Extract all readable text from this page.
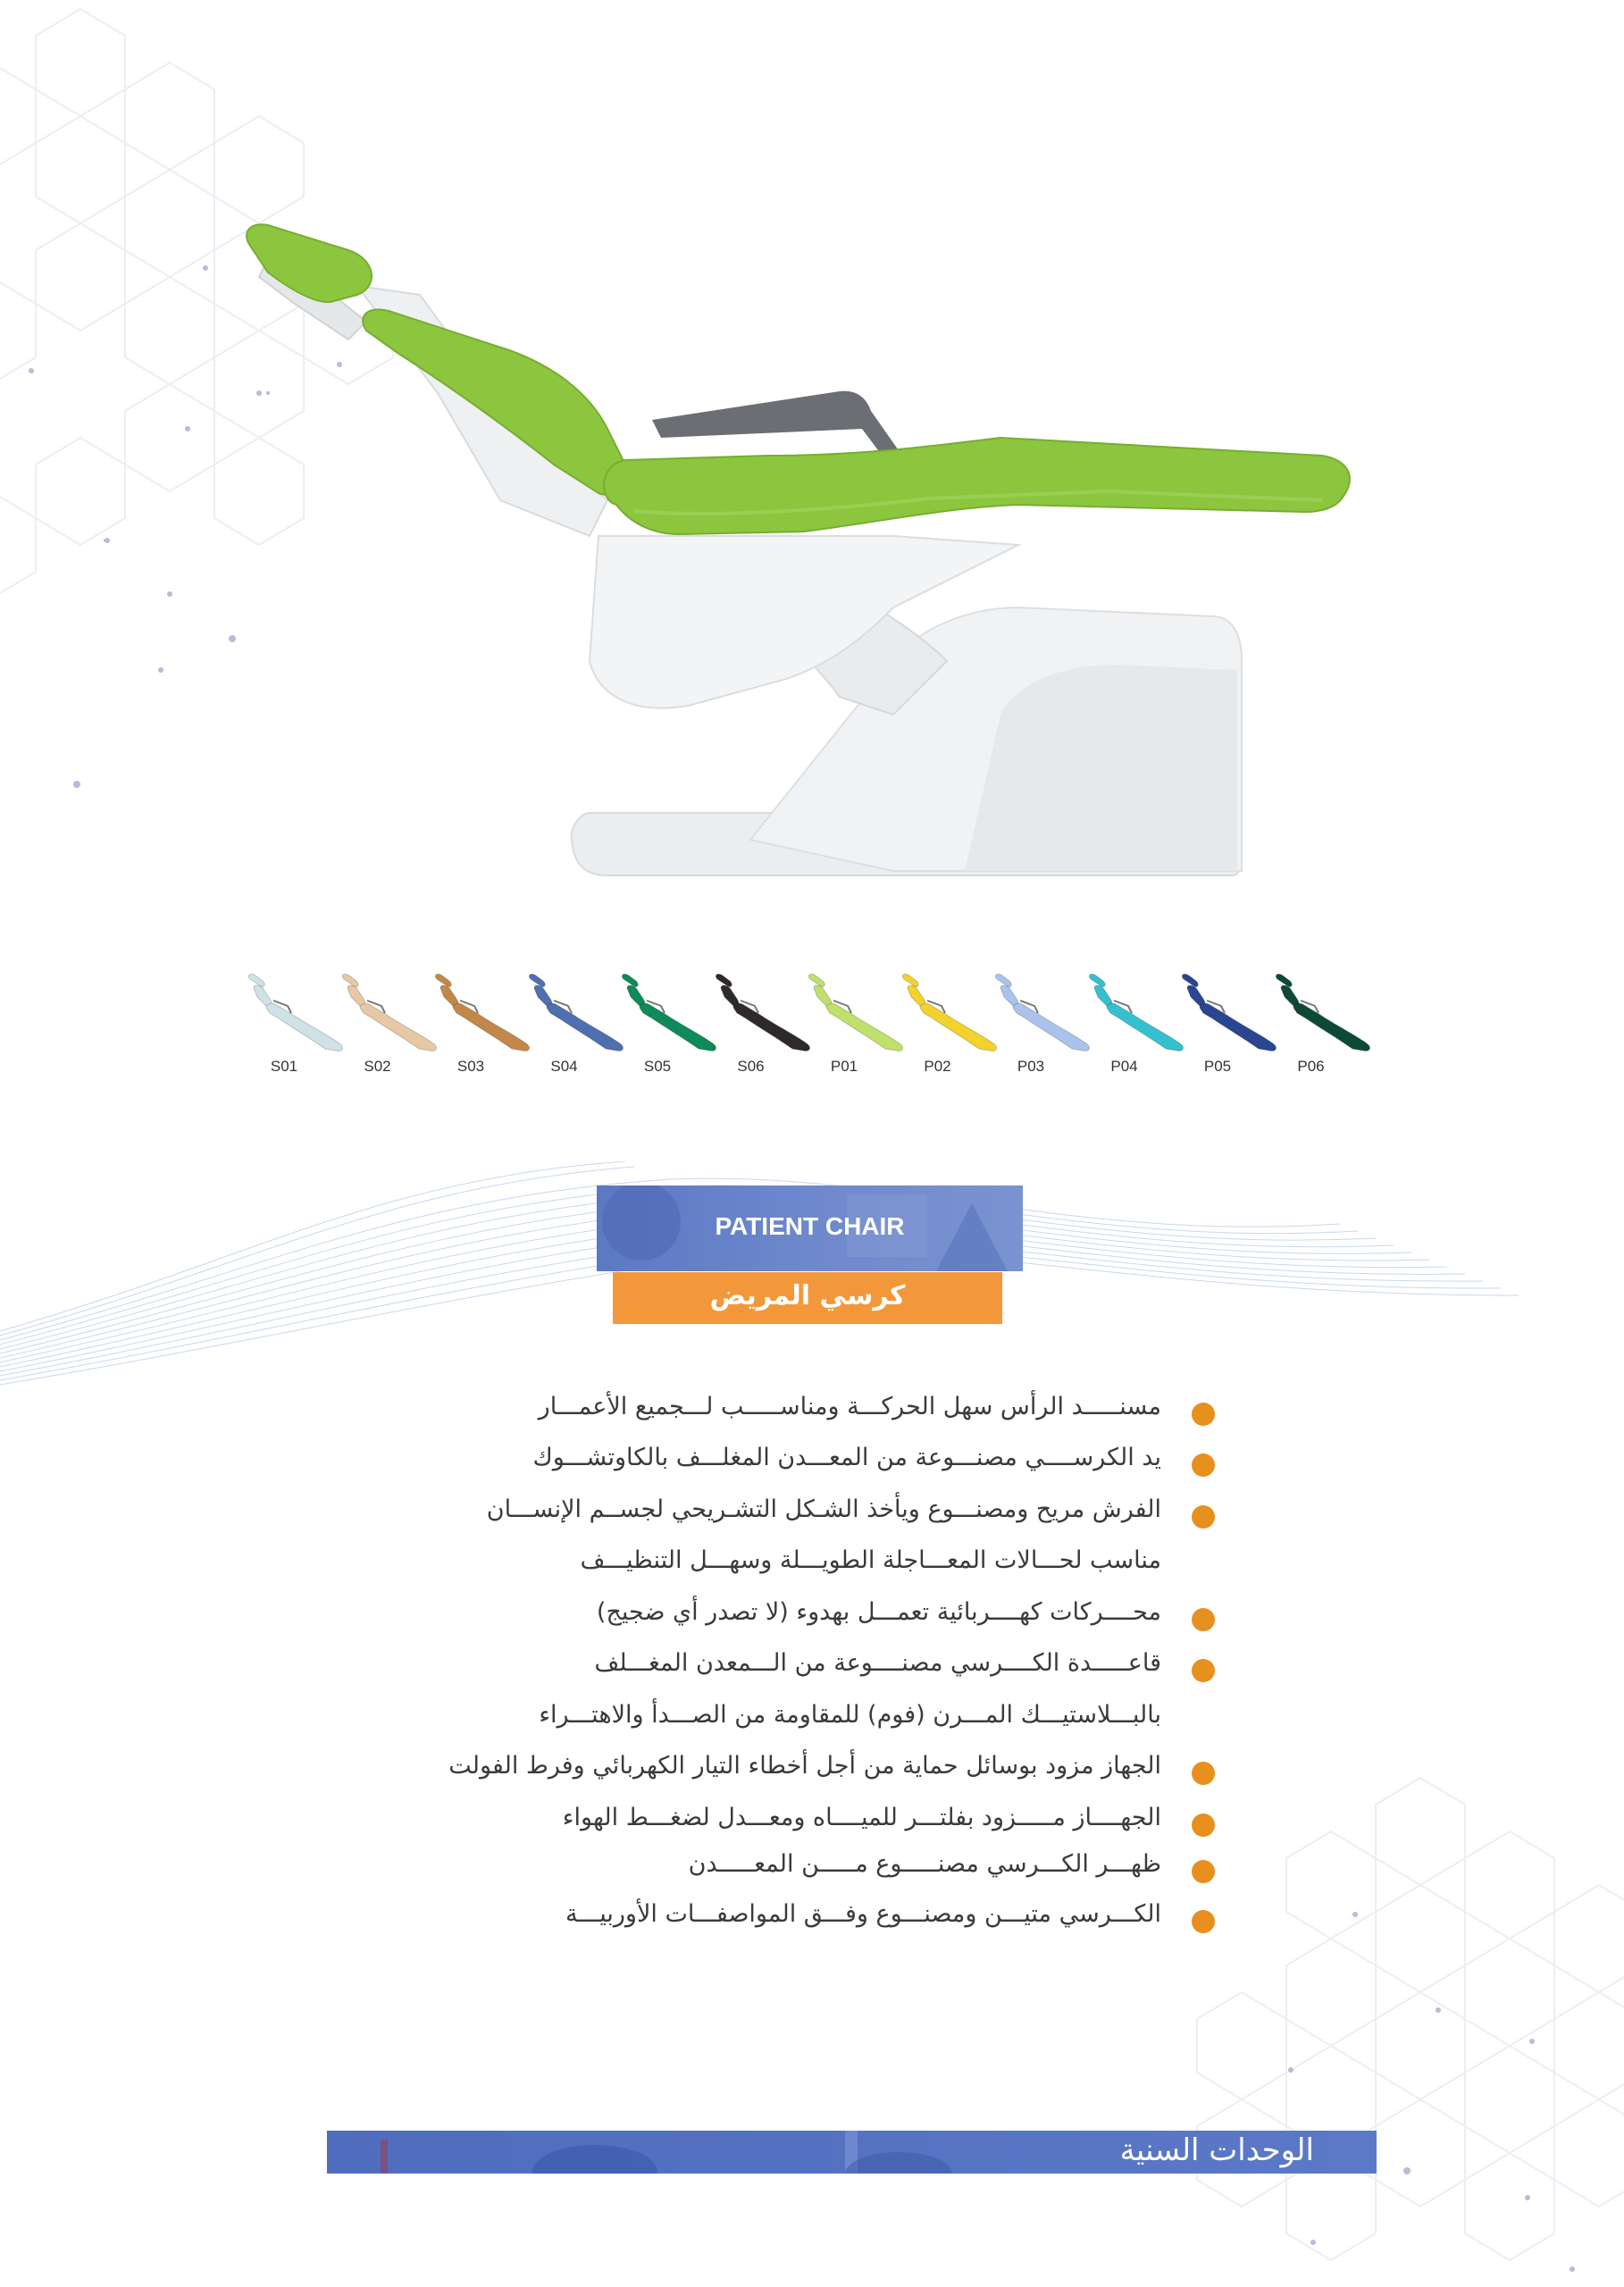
S01	S02	S03	S04	S05	S06	P01	P02	P03	P04	P05	P06
PATIENT CHAIR
كرسي المريض
مسنـــــد الرأس سهل الحركـــة ومناســـــب لـــجميع الأعمـــار
يد الكرســــي مصنـــوعة من المعـــدن المغلـــف بالكاوتشـــوك
الفرش مريح ومصنـــوع ويأخذ الشـكل التشـريحي لجســم الإنســـان
مناسب لحـــالات المعـــاجلة الطويـــلة وسهـــل التنظيـــف
محــــركات كهــــربائية تعمـــل بهدوء (لا تصدر أي ضجيج)
قاعـــــدة الكــــرسي مصنــــوعة من الـــمعدن المغـــلف
بالبـــلاستيـــك المـــرن (فوم) للمقاومة من الصـــدأ والاهتـــراء
الجهاز مزود بوسائل حماية من أجل أخطاء التيار الكهربائي وفرط الفولت
الجهــــاز مـــــزود بفلتـــر للميــــاه ومعـــدل لضغـــط الهواء
ظهـــر الكـــرسي مصنـــــوع مـــــن المعـــــدن
الكـــرسي متيـــن ومصنـــوع وفـــق المواصفـــات الأوربيـــة
الوحدات السنية
